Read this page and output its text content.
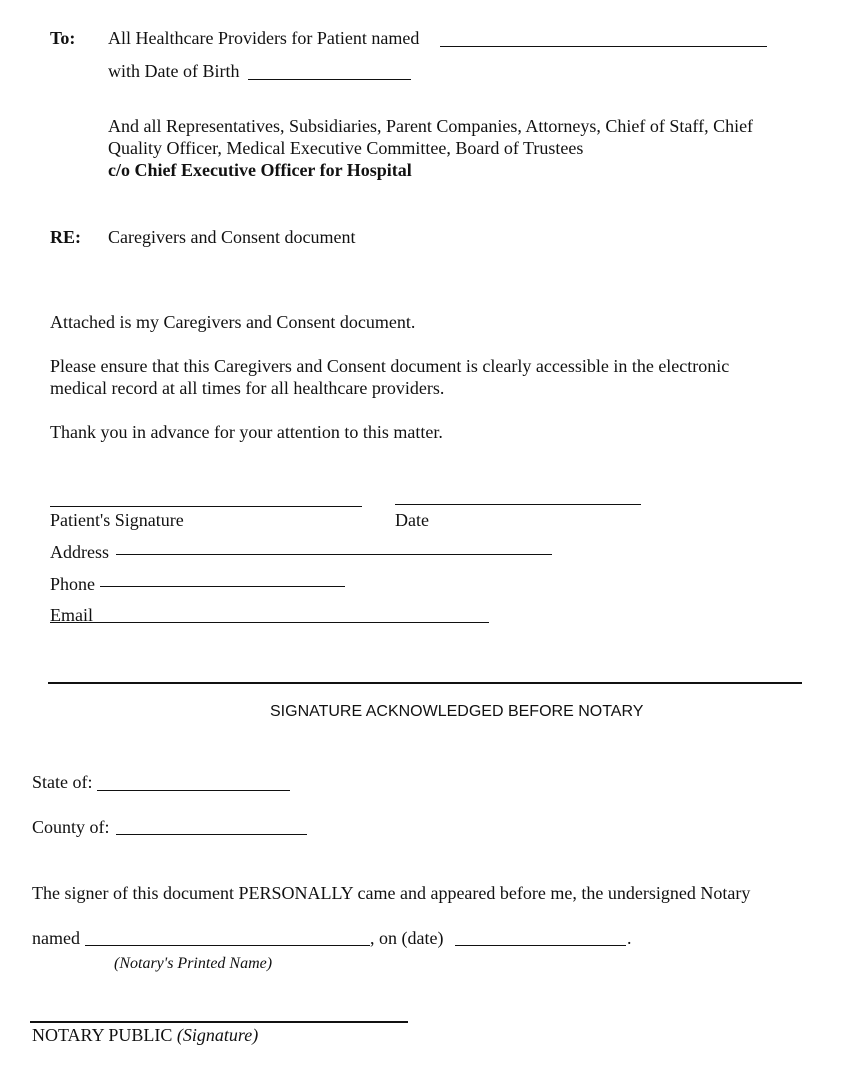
To: All Healthcare Providers for Patient named
with Date of Birth
And all Representatives, Subsidiaries, Parent Companies, Attorneys, Chief of Staff, Chief
Quality Officer, Medical Executive Committee, Board of Trustees
c/o Chief Executive Officer for Hospital
RE: Caregivers and Consent document
Attached is my Caregivers and Consent document.
Please ensure that this Caregivers and Consent document is clearly accessible in the electronic
medical record at all times for all healthcare providers.
Thank you in advance for your attention to this matter.
Patient's Signature	Date
Address
Phone
Email
SIGNATURE ACKNOWLEDGED BEFORE NOTARY
State of:
County of:
The signer of this document PERSONALLY came and appeared before me, the undersigned Notary
named	, on (date)	.
(Notary's Printed Name)
NOTARY PUBLIC (Signature)
